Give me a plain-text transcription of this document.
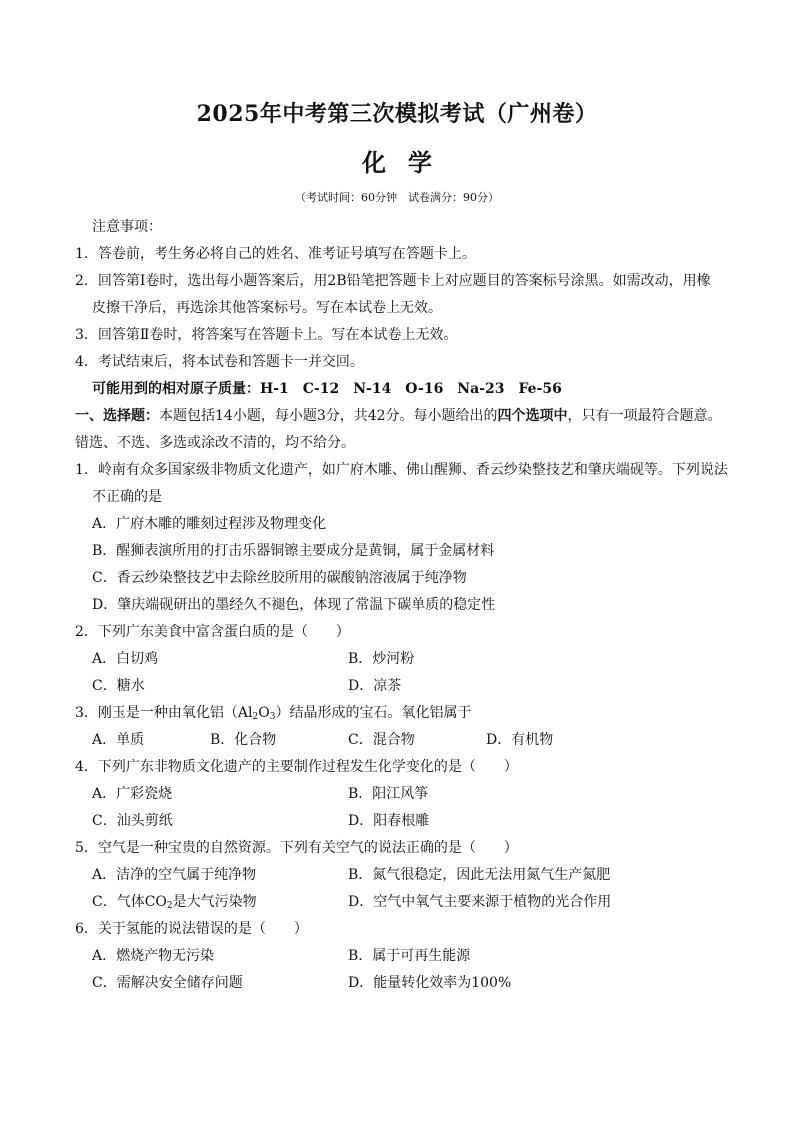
2025年中考第三次模拟考试（广州卷）
化学
（考试时间：60分钟　试卷满分：90分）
注意事项：
1．答卷前，考生务必将自己的姓名、准考证号填写在答题卡上。
2．回答第Ⅰ卷时，选出每小题答案后，用2B铅笔把答题卡上对应题目的答案标号涂黑。如需改动，用橡
皮擦干净后，再选涂其他答案标号。写在本试卷上无效。
3．回答第Ⅱ卷时，将答案写在答题卡上。写在本试卷上无效。
4．考试结束后，将本试卷和答题卡一并交回。
可能用到的相对原子质量：H-1　C-12　N-14　O-16　Na-23　Fe-56
一、选择题：本题包括14小题，每小题3分，共42分。每小题给出的四个选项中，只有一项最符合题意。
错选、不选、多选或涂改不清的，均不给分。
1．岭南有众多国家级非物质文化遗产，如广府木雕、佛山醒狮、香云纱染整技艺和肇庆端砚等。下列说法
不正确的是
A．广府木雕的雕刻过程涉及物理变化
B．醒狮表演所用的打击乐器铜镲主要成分是黄铜，属于金属材料
C．香云纱染整技艺中去除丝胶所用的碳酸钠溶液属于纯净物
D．肇庆端砚研出的墨经久不褪色，体现了常温下碳单质的稳定性
2．下列广东美食中富含蛋白质的是（　　）
A．白切鸡	B．炒河粉
C．糖水	D．凉茶
3．刚玉是一种由氧化铝$(Al_2O_3)$结晶形成的宝石。氧化铝属于
A．单质	B．化合物	C．混合物	D．有机物
4．下列广东非物质文化遗产的主要制作过程发生化学变化的是（　　）
A．广彩瓷烧	B．阳江风筝
C．汕头剪纸	D．阳春根雕
5．空气是一种宝贵的自然资源。下列有关空气的说法正确的是（　　）
A．洁净的空气属于纯净物	B．氮气很稳定，因此无法用氮气生产氮肥
C．气体$CO_2$是大气污染物	D．空气中氧气主要来源于植物的光合作用
6．关于氢能的说法错误的是（　　）
A．燃烧产物无污染	B．属于可再生能源
C．需解决安全储存问题	D．能量转化效率为100%
